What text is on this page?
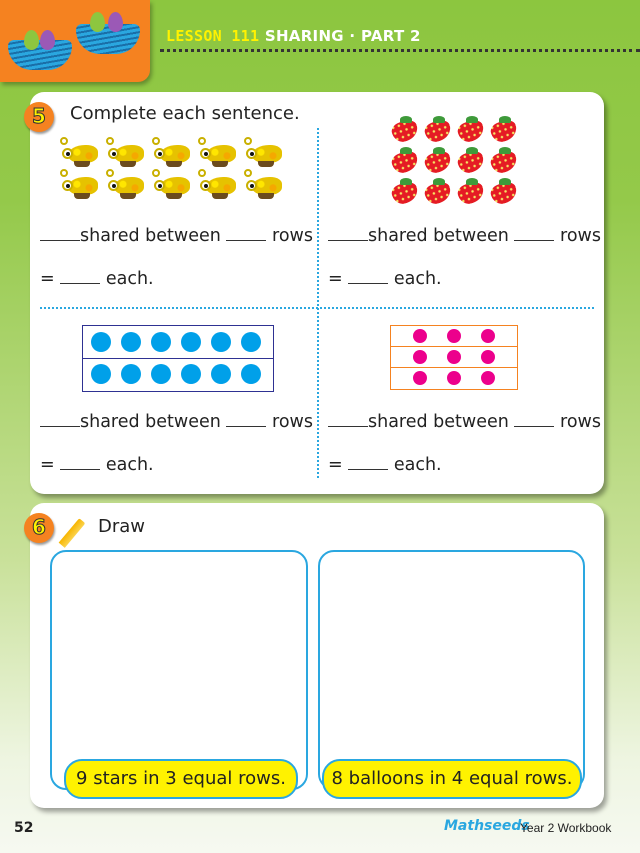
LESSON 111 SHARING · PART 2
5	Complete each sentence.
shared between	rows
=	each.
shared between	rows
=	each.
shared between	rows
=	each.
shared between	rows
=	each.
6	Draw
9 stars in 3 equal rows.	8 balloons in 4 equal rows.
52	Mathseeds
Year 2 Workbook
